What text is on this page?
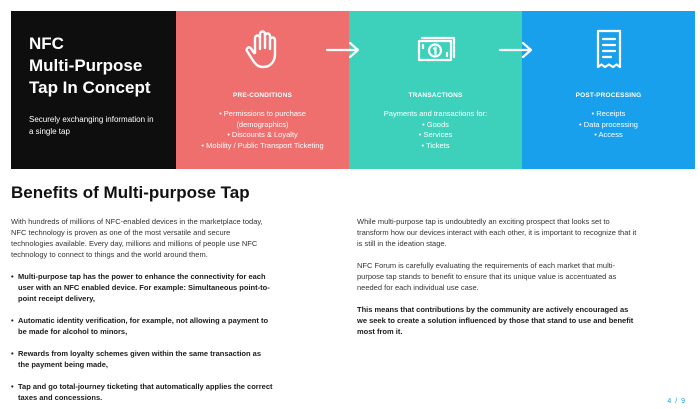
NFC
Multi-Purpose
Tap In Concept
Securely exchanging information in a single tap
PRE-CONDITIONS
• Permissions to purchase
(demographics)
• Discounts & Loyalty
• Mobility / Public Transport Ticketing
TRANSACTIONS
Payments and transactions for:
• Goods
• Services
• Tickets
POST-PROCESSING
• Receipts
• Data processing
• Access
Benefits of Multi-purpose Tap

With hundreds of millions of NFC-enabled devices in the marketplace today, NFC technology is proven as one of the most versatile and secure technologies available. Every day, millions and millions of people use NFC technology to connect to things and the world around them.

• Multi-purpose tap has the power to enhance the connectivity for each user with an NFC enabled device. For example: Simultaneous point-to-point receipt delivery,
• Automatic identity verification, for example, not allowing a payment to be made for alcohol to minors,
• Rewards from loyalty schemes given within the same transaction as the payment being made,
• Tap and go total-journey ticketing that automatically applies the correct taxes and concessions.

While multi-purpose tap is undoubtedly an exciting prospect that looks set to transform how our devices interact with each other, it is important to recognize that it is still in the ideation stage.

NFC Forum is carefully evaluating the requirements of each market that multi-purpose tap stands to benefit to ensure that its unique value is accentuated as needed for each individual use case.

This means that contributions by the community are actively encouraged as we seek to create a solution influenced by those that stand to use and benefit most from it.

4 / 9
